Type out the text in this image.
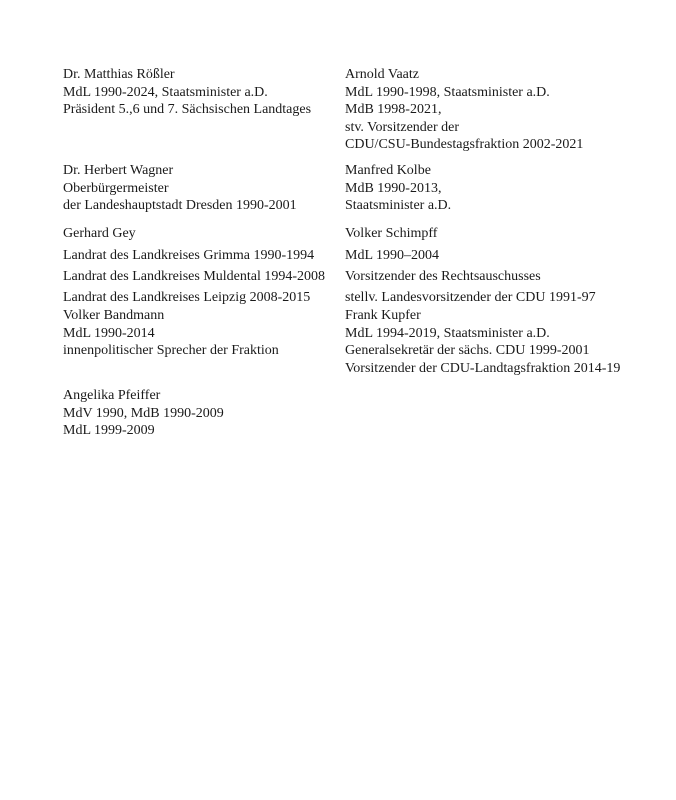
Dr. Matthias Rößler
MdL 1990-2024, Staatsminister a.D.
Präsident 5.,6 und 7. Sächsischen Landtages
Dr. Herbert Wagner
Oberbürgermeister
der Landeshauptstadt Dresden 1990-2001
Gerhard Gey
Landrat des Landkreises Grimma 1990-1994
Landrat des Landkreises Muldental 1994-2008
Landrat des Landkreises Leipzig 2008-2015
Volker Bandmann
MdL 1990-2014
innenpolitischer Sprecher der Fraktion
Angelika Pfeiffer
MdV 1990, MdB 1990-2009
MdL 1999-2009
Arnold Vaatz
MdL 1990-1998, Staatsminister a.D.
MdB 1998-2021,
stv. Vorsitzender der
CDU/CSU-Bundestagsfraktion 2002-2021
Manfred Kolbe
MdB 1990-2013,
Staatsminister a.D.
Volker Schimpff
MdL 1990–2004
Vorsitzender des Rechtsauschusses
stellv. Landesvorsitzender der CDU 1991-97
Frank Kupfer
MdL 1994-2019, Staatsminister a.D.
Generalsekretär der sächs. CDU 1999-2001
Vorsitzender der CDU-Landtagsfraktion 2014-19
